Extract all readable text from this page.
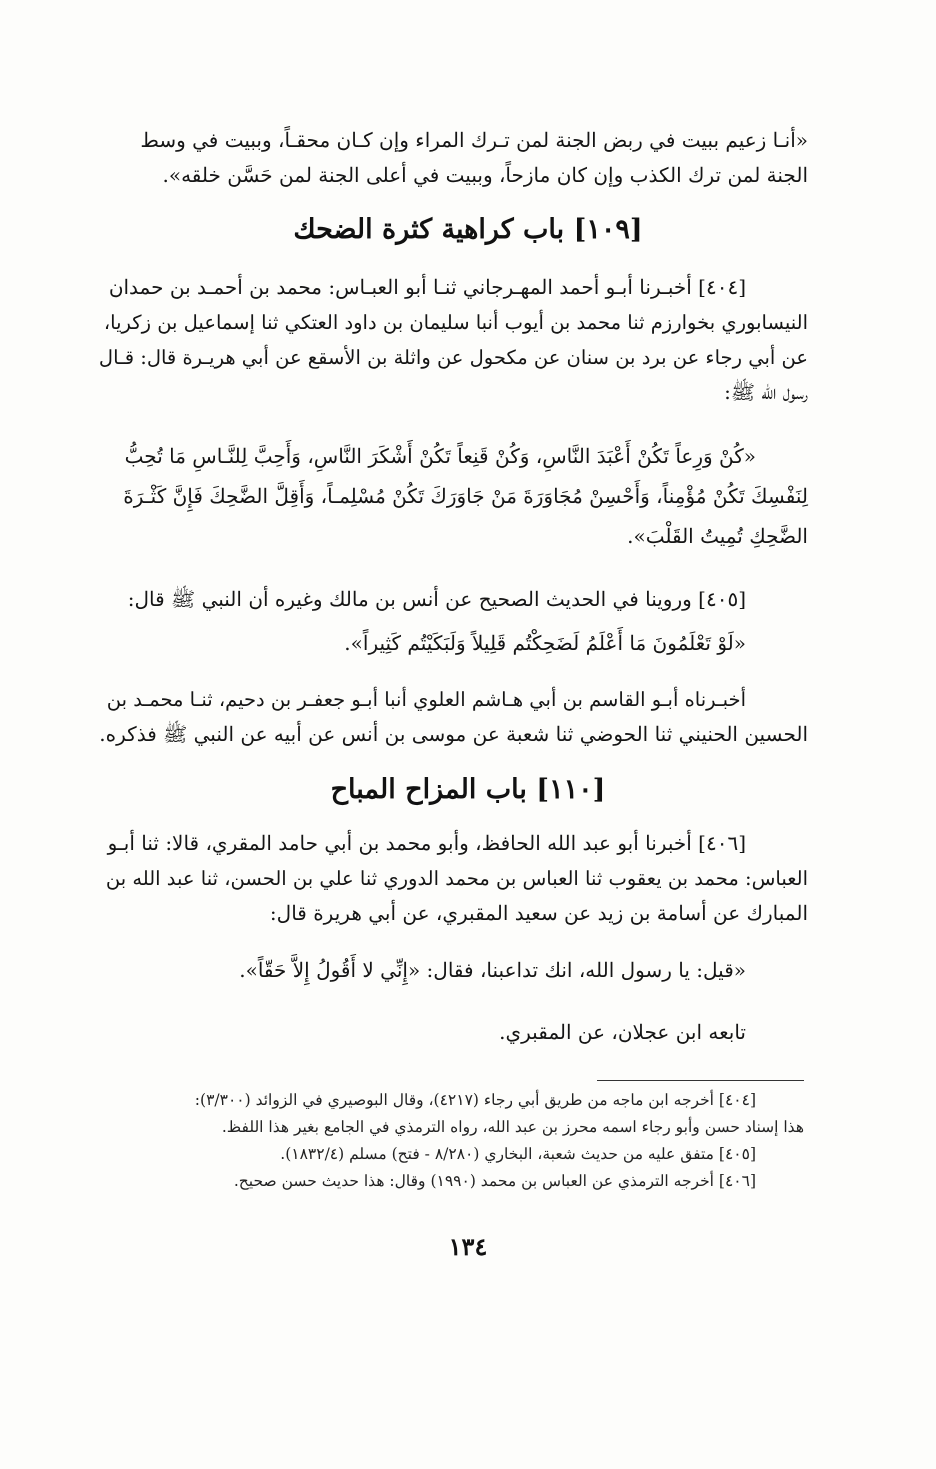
«أنـا زعيم ببيت في ربض الجنة لمن تـرك المراء وإن كـان محقـاً، وببيت في وسط
الجنة لمن ترك الكذب وإن كان مازحاً، وببيت في أعلى الجنة لمن حَسَّن خلقه».
[١٠٩] باب كراهية كثرة الضحك
[٤٠٤] أخبـرنا أبـو أحمد المهـرجاني ثنـا أبو العبـاس: محمد بن أحمـد بن حمدان
النيسابوري بخوارزم ثنا محمد بن أيوب أنبا سليمان بن داود العتكي ثنا إسماعيل بن زكريا،
عن أبي رجاء عن برد بن سنان عن مكحول عن واثلة بن الأسقع عن أبي هريـرة قال: قـال
رسول الله ﷺ:
«كُنْ وَرِعاً تَكُنْ أَعْبَدَ النَّاسِ، وَكُنْ قَنِعاً تَكُنْ أَشْكَرَ النَّاسِ، وَأَحِبَّ لِلنَّـاسِ مَا تُحِبُّ
لِنَفْسِكَ تَكُنْ مُؤْمِناً، وَأَحْسِنْ مُجَاوَرَةَ مَنْ جَاوَرَكَ تَكُنْ مُسْلِمـاً، وَأَقِلَّ الضَّحِكَ فَإِنَّ كَثْـرَةَ
الضَّحِكِ تُمِيتُ القَلْبَ».
[٤٠٥] وروينا في الحديث الصحيح عن أنس بن مالك وغيره أن النبي ﷺ قال:
«لَوْ تَعْلَمُونَ مَا أَعْلَمُ لَضَحِكْتُم قَلِيلاً وَلَبَكَيْتُم كَثِيراً».
أخبـرناه أبـو القاسم بن أبي هـاشم العلوي أنبا أبـو جعفـر بن دحيم، ثنـا محمـد بن
الحسين الحنيني ثنا الحوضي ثنا شعبة عن موسى بن أنس عن أبيه عن النبي ﷺ فذكره.
[١١٠] باب المزاح المباح
[٤٠٦] أخبرنا أبو عبد الله الحافظ، وأبو محمد بن أبي حامد المقري، قالا: ثنا أبـو
العباس: محمد بن يعقوب ثنا العباس بن محمد الدوري ثنا علي بن الحسن، ثنا عبد الله بن
المبارك عن أسامة بن زيد عن سعيد المقبري، عن أبي هريرة قال:
«قيل: يا رسول الله، انك تداعبنا، فقال: «إِنِّي لا أَقُولُ إِلاَّ حَقّاً».
تابعه ابن عجلان، عن المقبري.
[٤٠٤] أخرجه ابن ماجه من طريق أبي رجاء (٤٢١٧)، وقال البوصيري في الزوائد (٣/٣٠٠):
هذا إسناد حسن وأبو رجاء اسمه محرز بن عبد الله، رواه الترمذي في الجامع بغير هذا اللفظ.
[٤٠٥] متفق عليه من حديث شعبة، البخاري (٨/٢٨٠ - فتح) مسلم (١٨٣٢/٤).
[٤٠٦] أخرجه الترمذي عن العباس بن محمد (١٩٩٠) وقال: هذا حديث حسن صحيح.
١٣٤
